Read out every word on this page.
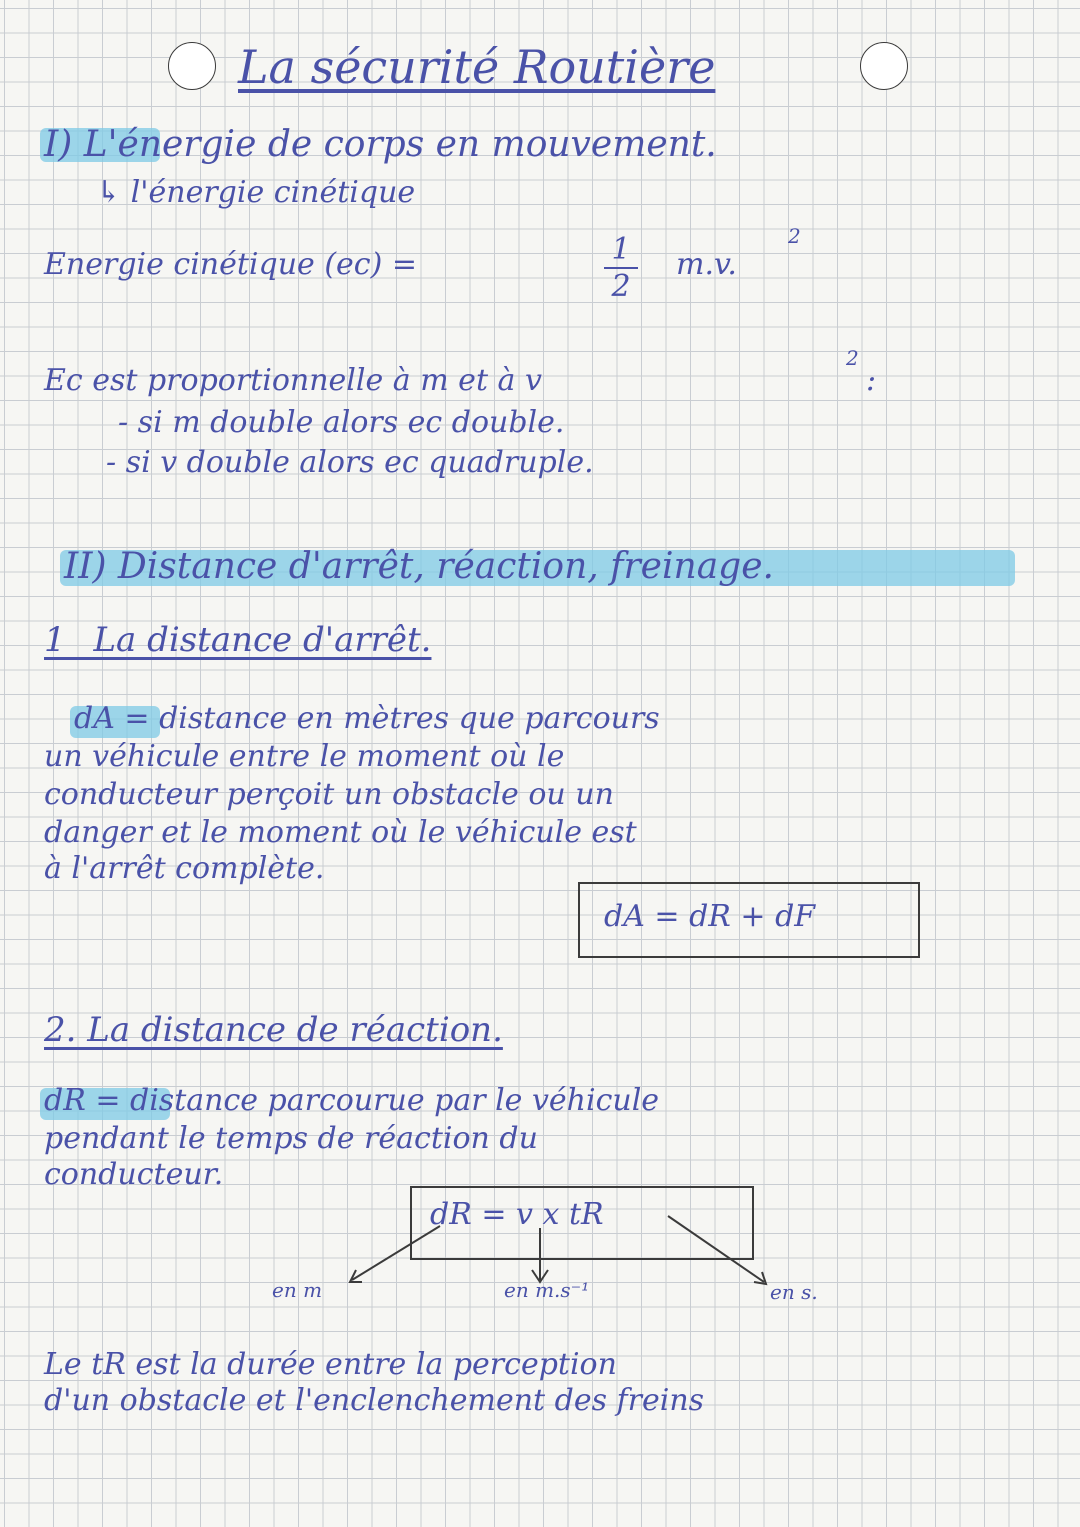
La sécurité Routière
I) L'énergie de corps en mouvement.
↳ l'énergie cinétique
Energie cinétique (ec) =	1
2
m.v.
2
Ec est proportionnelle à m et à v
2
:
- si m double alors ec double.
- si v double alors ec quadruple.
II) Distance d'arrêt, réaction, freinage.
1_ La distance d'arrêt.
dA = distance en mètres que parcours
un véhicule entre le moment où le
conducteur perçoit un obstacle ou un
danger et le moment où le véhicule est
à l'arrêt complète.
dA = dR + dF
2. La distance de réaction.
dR = distance parcourue par le véhicule
pendant le temps de réaction du
conducteur.
dR = v x tR
en m	en m.s⁻¹	en s.
Le tR est la durée entre la perception
d'un obstacle et l'enclenchement des freins
